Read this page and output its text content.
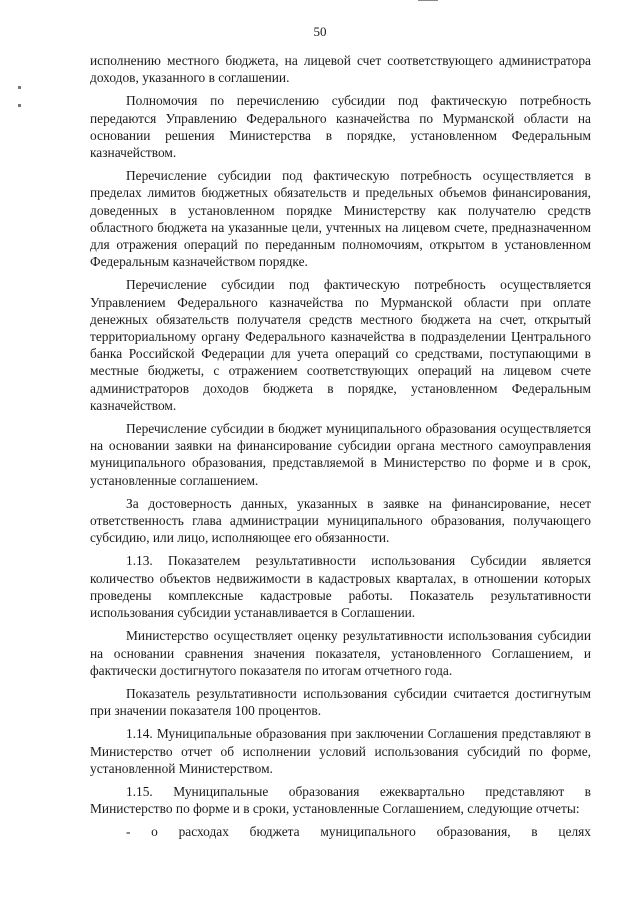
50

исполнению местного бюджета, на лицевой счет соответствующего администратора доходов, указанного в соглашении.

Полномочия по перечислению субсидии под фактическую потребность передаются Управлению Федерального казначейства по Мурманской области на основании решения Министерства в порядке, установленном Федеральным казначейством.

Перечисление субсидии под фактическую потребность осуществляется в пределах лимитов бюджетных обязательств и предельных объемов финансирования, доведенных в установленном порядке Министерству как получателю средств областного бюджета на указанные цели, учтенных на лицевом счете, предназначенном для отражения операций по переданным полномочиям, открытом в установленном Федеральным казначейством порядке.

Перечисление субсидии под фактическую потребность осуществляется Управлением Федерального казначейства по Мурманской области при оплате денежных обязательств получателя средств местного бюджета на счет, открытый территориальному органу Федерального казначейства в подразделении Центрального банка Российской Федерации для учета операций со средствами, поступающими в местные бюджеты, с отражением соответствующих операций на лицевом счете администраторов доходов бюджета в порядке, установленном Федеральным казначейством.

Перечисление субсидии в бюджет муниципального образования осуществляется на основании заявки на финансирование субсидии органа местного самоуправления муниципального образования, представляемой в Министерство по форме и в срок, установленные соглашением.

За достоверность данных, указанных в заявке на финансирование, несет ответственность глава администрации муниципального образования, получающего субсидию, или лицо, исполняющее его обязанности.

1.13. Показателем результативности использования Субсидии является количество объектов недвижимости в кадастровых кварталах, в отношении которых проведены комплексные кадастровые работы. Показатель результативности использования субсидии устанавливается в Соглашении.

Министерство осуществляет оценку результативности использования субсидии на основании сравнения значения показателя, установленного Соглашением, и фактически достигнутого показателя по итогам отчетного года.

Показатель результативности использования субсидии считается достигнутым при значении показателя 100 процентов.

1.14. Муниципальные образования при заключении Соглашения представляют в Министерство отчет об исполнении условий использования субсидий по форме, установленной Министерством.

1.15. Муниципальные образования ежеквартально представляют в Министерство по форме и в сроки, установленные Соглашением, следующие отчеты:

- о расходах бюджета муниципального образования, в целях
